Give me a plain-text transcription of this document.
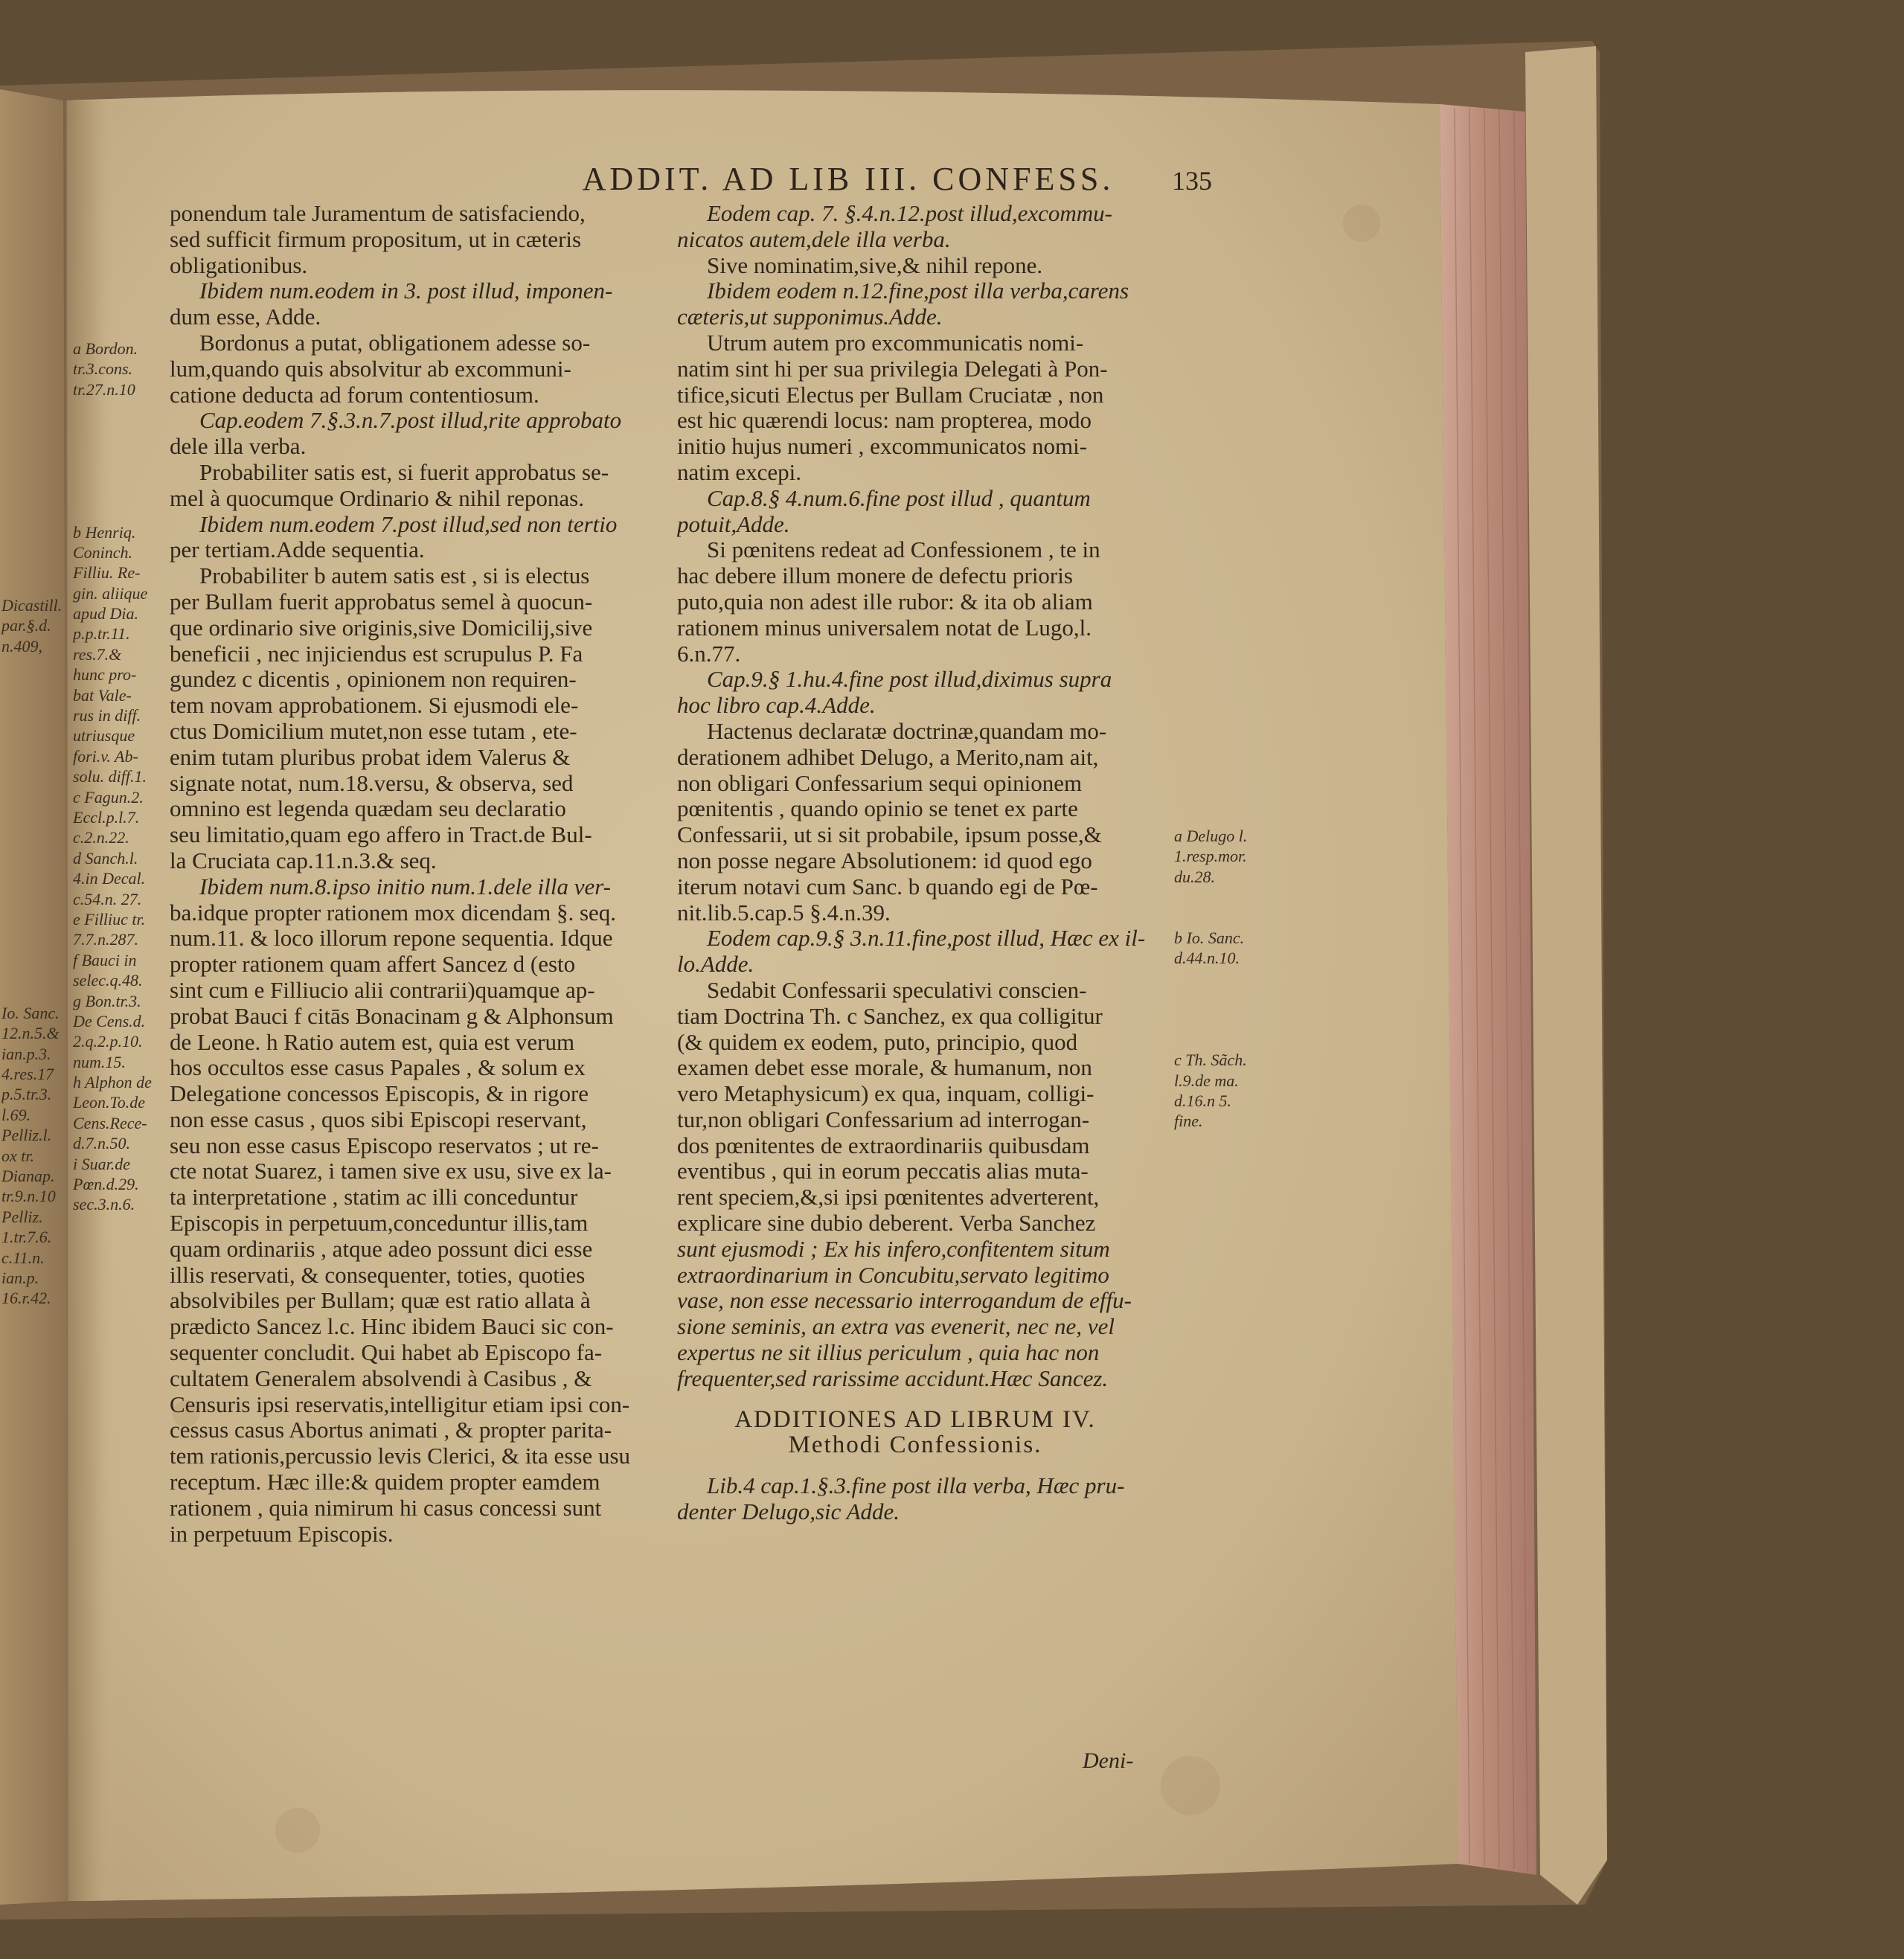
ADDIT. AD LIB III. CONFESS.	135
ponendum tale Juramentum de satisfaciendo,
sed sufficit firmum propositum, ut in cæteris
obligationibus.
Ibidem num.eodem in 3. post illud, imponen-
dum esse, Adde.
Bordonus a putat, obligationem adesse so-
lum,quando quis absolvitur ab excommuni-
catione deducta ad forum contentiosum.
Cap.eodem 7.§.3.n.7.post illud,rite approbato
dele illa verba.
Probabiliter satis est, si fuerit approbatus se-
mel à quocumque Ordinario & nihil reponas.
Ibidem num.eodem 7.post illud,sed non tertio
per tertiam.Adde sequentia.
Probabiliter b autem satis est , si is electus
per Bullam fuerit approbatus semel à quocun-
que ordinario sive originis,sive Domicilij,sive
beneficii , nec injiciendus est scrupulus P. Fa
gundez c dicentis , opinionem non requiren-
tem novam approbationem. Si ejusmodi ele-
ctus Domicilium mutet,non esse tutam , ete-
enim tutam pluribus probat idem Valerus &
signate notat, num.18.versu, & observa, sed
omnino est legenda quædam seu declaratio
seu limitatio,quam ego affero in Tract.de Bul-
la Cruciata cap.11.n.3.& seq.
Ibidem num.8.ipso initio num.1.dele illa ver-
ba.idque propter rationem mox dicendam §. seq.
num.11. & loco illorum repone sequentia. Idque
propter rationem quam affert Sancez d (esto
sint cum e Filliucio alii contrarii)quamque ap-
probat Bauci f citās Bonacinam g & Alphonsum
de Leone. h Ratio autem est, quia est verum
hos occultos esse casus Papales , & solum ex
Delegatione concessos Episcopis, & in rigore
non esse casus , quos sibi Episcopi reservant,
seu non esse casus Episcopo reservatos ; ut re-
cte notat Suarez, i tamen sive ex usu, sive ex la-
ta interpretatione , statim ac illi conceduntur
Episcopis in perpetuum,conceduntur illis,tam
quam ordinariis , atque adeo possunt dici esse
illis reservati, & consequenter, toties, quoties
absolvibiles per Bullam; quæ est ratio allata à
prædicto Sancez l.c. Hinc ibidem Bauci sic con-
sequenter concludit. Qui habet ab Episcopo fa-
cultatem Generalem absolvendi à Casibus , &
Censuris ipsi reservatis,intelligitur etiam ipsi con-
cessus casus Abortus animati , & propter parita-
tem rationis,percussio levis Clerici, & ita esse usu
receptum. Hæc ille:& quidem propter eamdem
rationem , quia nimirum hi casus concessi sunt
in perpetuum Episcopis.
Eodem cap. 7. §.4.n.12.post illud,excommu-
nicatos autem,dele illa verba.
Sive nominatim,sive,& nihil repone.
Ibidem eodem n.12.fine,post illa verba,carens
cæteris,ut supponimus.Adde.
Utrum autem pro excommunicatis nomi-
natim sint hi per sua privilegia Delegati à Pon-
tifice,sicuti Electus per Bullam Cruciatæ , non
est hic quærendi locus: nam propterea, modo
initio hujus numeri , excommunicatos nomi-
natim excepi.
Cap.8.§ 4.num.6.fine post illud , quantum
potuit,Adde.
Si pœnitens redeat ad Confessionem , te in
hac debere illum monere de defectu prioris
puto,quia non adest ille rubor: & ita ob aliam
rationem minus universalem notat de Lugo,l.
6.n.77.
Cap.9.§ 1.hu.4.fine post illud,diximus supra
hoc libro cap.4.Adde.
Hactenus declaratæ doctrinæ,quandam mo-
derationem adhibet Delugo, a Merito,nam ait,
non obligari Confessarium sequi opinionem
pœnitentis , quando opinio se tenet ex parte
Confessarii, ut si sit probabile, ipsum posse,&
non posse negare Absolutionem: id quod ego
iterum notavi cum Sanc. b quando egi de Pœ-
nit.lib.5.cap.5 §.4.n.39.
Eodem cap.9.§ 3.n.11.fine,post illud, Hæc ex il-
lo.Adde.
Sedabit Confessarii speculativi conscien-
tiam Doctrina Th. c Sanchez, ex qua colligitur
(& quidem ex eodem, puto, principio, quod
examen debet esse morale, & humanum, non
vero Metaphysicum) ex qua, inquam, colligi-
tur,non obligari Confessarium ad interrogan-
dos pœnitentes de extraordinariis quibusdam
eventibus , qui in eorum peccatis alias muta-
rent speciem,&,si ipsi pœnitentes adverterent,
explicare sine dubio deberent. Verba Sanchez
sunt ejusmodi ; Ex his infero,confitentem situm
extraordinarium in Concubitu,servato legitimo
vase, non esse necessario interrogandum de effu-
sione seminis, an extra vas evenerit, nec ne, vel
expertus ne sit illius periculum , quia hac non
frequenter,sed rarissime accidunt.Hæc Sancez.
ADDITIONES AD LIBRUM IV.
Methodi Confessionis.
Lib.4 cap.1.§.3.fine post illa verba, Hæc pru-
denter Delugo,sic Adde.
Dicastill.
par.§.d.
n.409,
Io. Sanc.
12.n.5.&
ian.p.3.
4.res.17
p.5.tr.3.
l.69.
Pelliz.l.
ox tr.
Dianap.
tr.9.n.10
Pelliz.
1.tr.7.6.
c.11.n.
ian.p.
16.r.42.
a Bordon.
tr.3.cons.
tr.27.n.10
b Henriq.
Coninch.
Filliu. Re-
gin. aliique
apud Dia.
p.p.tr.11.
res.7.&
hunc pro-
bat Vale-
rus in diff.
utriusque
fori.v. Ab-
solu. diff.1.
c Fagun.2.
Eccl.p.l.7.
c.2.n.22.
d Sanch.l.
4.in Decal.
c.54.n. 27.
e Filliuc tr.
7.7.n.287.
f Bauci in
selec.q.48.
g Bon.tr.3.
De Cens.d.
2.q.2.p.10.
num.15.
h Alphon de
Leon.To.de
Cens.Rece-
d.7.n.50.
i Suar.de
Pœn.d.29.
sec.3.n.6.
a Delugo l.
1.resp.mor.
du.28.
b Io. Sanc.
d.44.n.10.
c Th. Sãch.
l.9.de ma.
d.16.n 5.
fine.
Deni-
